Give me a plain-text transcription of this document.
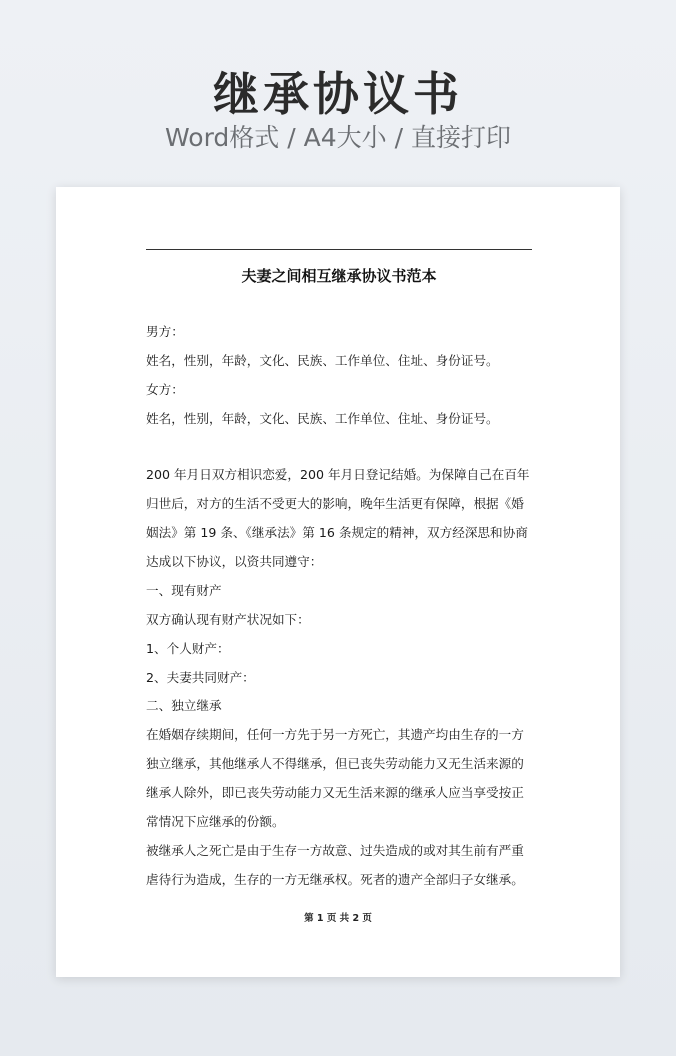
继承协议书
Word格式 / A4大小 / 直接打印
夫妻之间相互继承协议书范本
男方：
姓名，性别，年龄，文化、民族、工作单位、住址、身份证号。
女方：
姓名，性别，年龄，文化、民族、工作单位、住址、身份证号。
200 年月日双方相识恋爱，200 年月日登记结婚。为保障自己在百年
归世后，对方的生活不受更大的影响，晚年生活更有保障，根据《婚
姻法》第 19 条、《继承法》第 16 条规定的精神，双方经深思和协商
达成以下协议，以资共同遵守：
一、现有财产
双方确认现有财产状况如下：
1、个人财产：
2、夫妻共同财产：
二、独立继承
在婚姻存续期间，任何一方先于另一方死亡，其遗产均由生存的一方
独立继承，其他继承人不得继承，但已丧失劳动能力又无生活来源的
继承人除外，即已丧失劳动能力又无生活来源的继承人应当享受按正
常情况下应继承的份额。
被继承人之死亡是由于生存一方故意、过失造成的或对其生前有严重
虐待行为造成，生存的一方无继承权。死者的遗产全部归子女继承。
第 1 页 共 2 页
